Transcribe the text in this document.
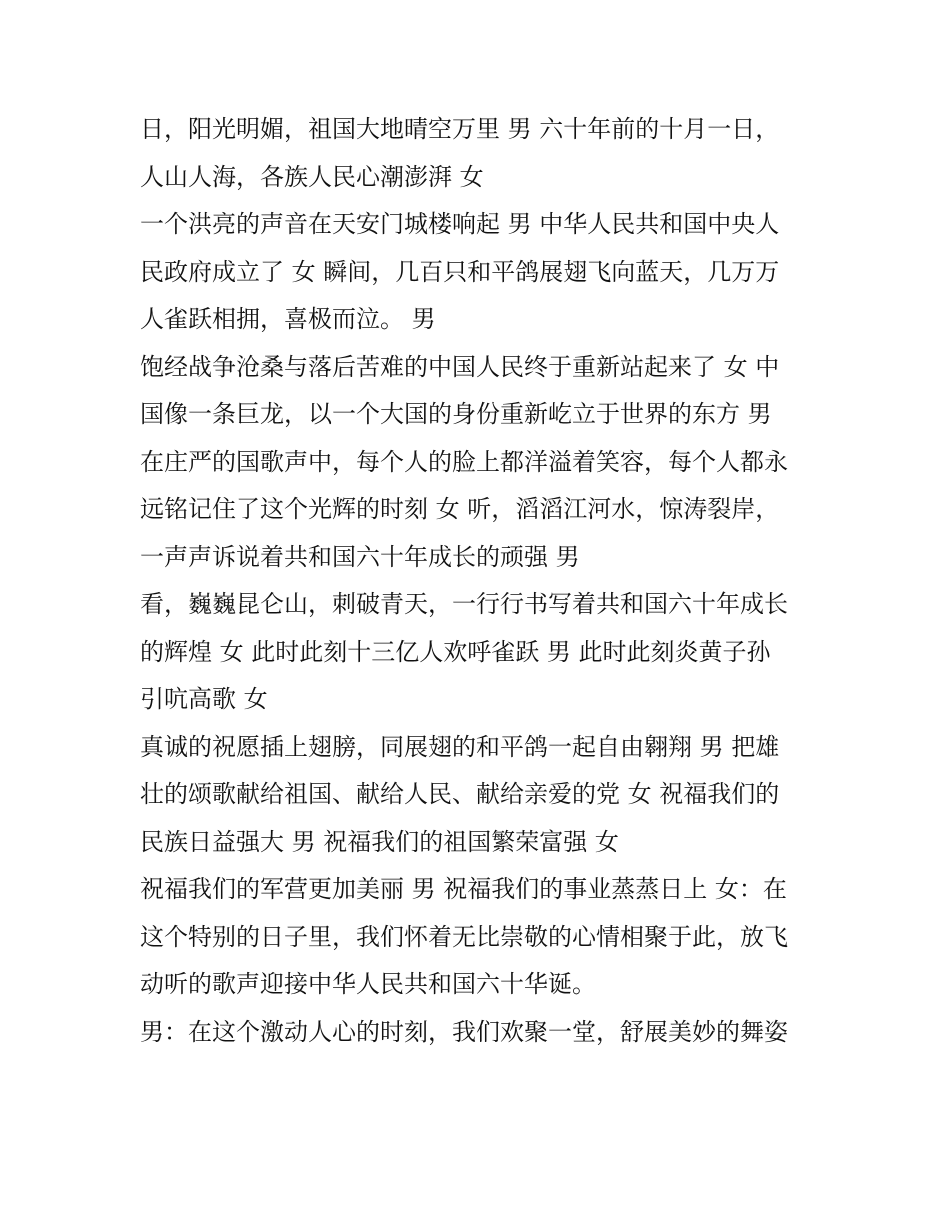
日，阳光明媚，祖国大地晴空万里 男 六十年前的十月一日，
人山人海，各族人民心潮澎湃 女

一个洪亮的声音在天安门城楼响起 男 中华人民共和国中央人
民政府成立了 女 瞬间，几百只和平鸽展翅飞向蓝天，几万万
人雀跃相拥，喜极而泣。 男

饱经战争沧桑与落后苦难的中国人民终于重新站起来了 女 中
国像一条巨龙，以一个大国的身份重新屹立于世界的东方 男
在庄严的国歌声中，每个人的脸上都洋溢着笑容，每个人都永
远铭记住了这个光辉的时刻 女 听，滔滔江河水，惊涛裂岸，
一声声诉说着共和国六十年成长的顽强 男

看，巍巍昆仑山，刺破青天，一行行书写着共和国六十年成长
的辉煌 女 此时此刻十三亿人欢呼雀跃 男 此时此刻炎黄子孙
引吭高歌 女

真诚的祝愿插上翅膀，同展翅的和平鸽一起自由翱翔 男 把雄
壮的颂歌献给祖国、献给人民、献给亲爱的党 女 祝福我们的
民族日益强大 男 祝福我们的祖国繁荣富强 女

祝福我们的军营更加美丽 男 祝福我们的事业蒸蒸日上 女：在
这个特别的日子里，我们怀着无比崇敬的心情相聚于此，放飞
动听的歌声迎接中华人民共和国六十华诞。

男：在这个激动人心的时刻，我们欢聚一堂，舒展美妙的舞姿
